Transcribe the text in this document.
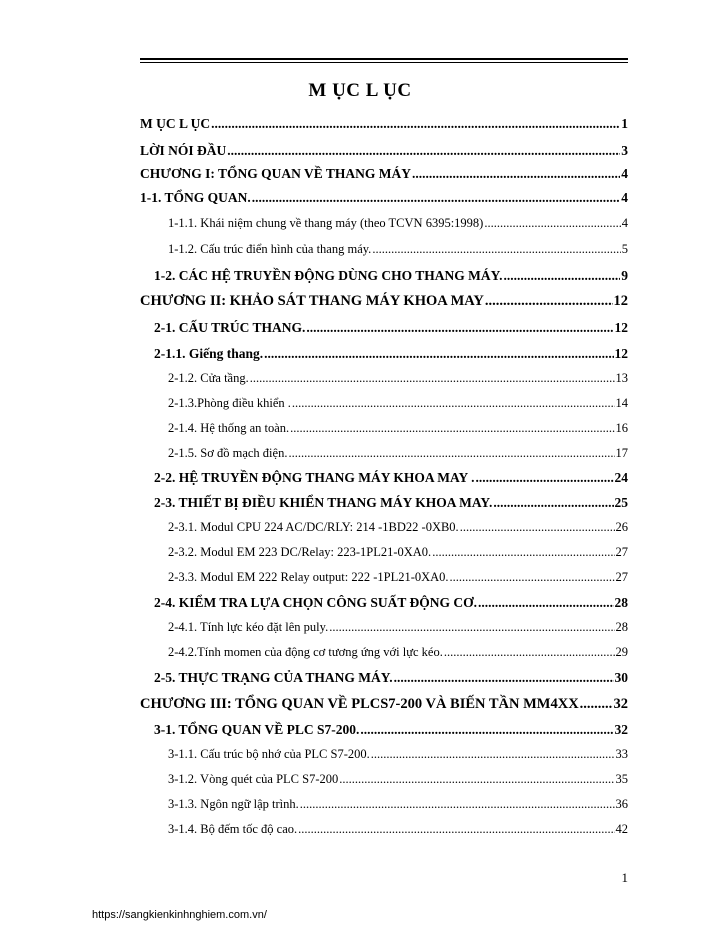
M ỤC L ỤC
M ỤC L ỤC .....	1
LỜI NÓI ĐẦU .....	3
CHƯƠNG I: TỔNG QUAN VỀ THANG MÁY .....	4
1-1. TỔNG QUAN. .....	4
1-1.1. Khái niệm chung về thang máy (theo TCVN 6395:1998) .....	4
1-1.2. Cấu trúc điển hình của thang máy. .....	5
1-2. CÁC HỆ TRUYỀN ĐỘNG DÙNG CHO THANG MÁY. .....	9
CHƯƠNG II: KHẢO SÁT THANG MÁY KHOA MAY .....	12
2-1. CẤU TRÚC THANG. .....	12
2-1.1. Giếng thang. .....	12
2-1.2. Cửa tầng. .....	13
2-1.3.Phòng điều khiển . .....	14
2-1.4. Hệ thống an toàn. .....	16
2-1.5. Sơ đồ mạch điện. .....	17
2-2. HỆ TRUYỀN ĐỘNG THANG MÁY KHOA MAY . .....	24
2-3. THIẾT BỊ ĐIỀU KHIỂN THANG MÁY KHOA MAY. .....	25
2-3.1. Modul CPU 224 AC/DC/RLY: 214 -1BD22 -0XB0. .....	26
2-3.2. Modul EM 223 DC/Relay: 223-1PL21-0XA0. .....	27
2-3.3. Modul EM 222 Relay output: 222 -1PL21-0XA0. .....	27
2-4. KIỂM TRA LỰA CHỌN CÔNG SUẤT ĐỘNG CƠ. .....	28
2-4.1. Tính lực kéo đặt lên puly. .....	28
2-4.2.Tính momen của động cơ tương ứng với lực kéo. .....	29
2-5. THỰC TRẠNG CỦA THANG MÁY. .....	30
CHƯƠNG III: TỔNG QUAN VỀ PLCS7-200 VÀ BIẾN TẦN MM4XX ..... 32
3-1. TỔNG QUAN VỀ PLC S7-200. .....	32
3-1.1. Cấu trúc bộ nhớ của PLC S7-200. .....	33
3-1.2. Vòng quét của PLC S7-200 .....	35
3-1.3. Ngôn ngữ lập trình. .....	36
3-1.4. Bộ đếm tốc độ cao. .....	42
1
https://sangkienkinhnghiem.com.vn/
